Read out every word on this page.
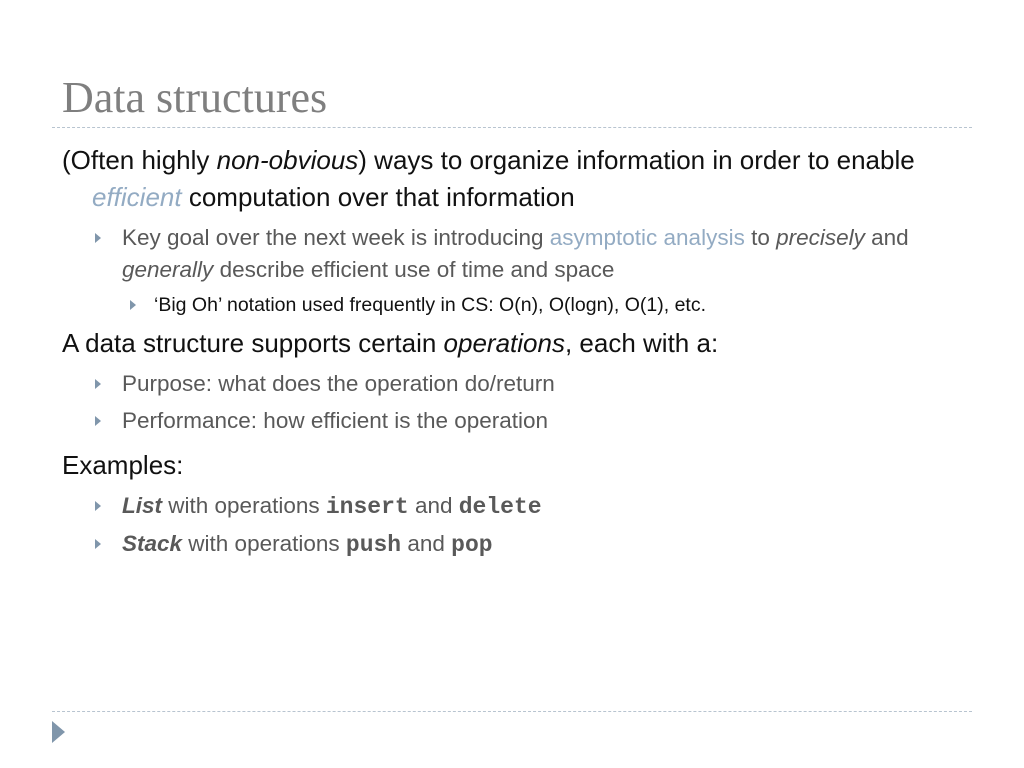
Data structures
(Often highly non-obvious) ways to organize information in order to enable efficient computation over that information
Key goal over the next week is introducing asymptotic analysis to precisely and generally describe efficient use of time and space
‘Big Oh’ notation used frequently in CS: O(n), O(logn), O(1), etc.
A data structure supports certain operations, each with a:
Purpose: what does the operation do/return
Performance: how efficient is the operation
Examples:
List with operations insert and delete
Stack with operations push and pop
